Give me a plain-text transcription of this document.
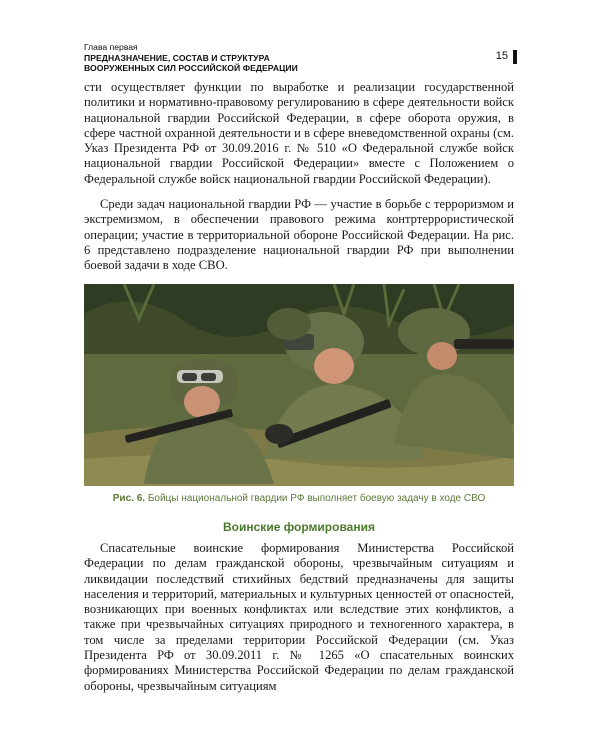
Глава первая
ПРЕДНАЗНАЧЕНИЕ, СОСТАВ И СТРУКТУРА
ВООРУЖЕННЫХ СИЛ РОССИЙСКОЙ ФЕДЕРАЦИИ
15

сти осуществляет функции по выработке и реализации государственной политики и нормативно-правовому регулированию в сфере деятельности войск национальной гвардии Российской Федерации, в сфере оборота оружия, в сфере частной охранной деятельности и в сфере вневедомственной охраны (см. Указ Президента РФ от 30.09.2016 г. № 510 «О Федеральной службе войск национальной гвардии Российской Федерации» вместе с Положением о Федеральной службе войск национальной гвардии Российской Федерации).

Среди задач национальной гвардии РФ — участие в борьбе с терроризмом и экстремизмом, в обеспечении правового режима контртеррористической операции; участие в территориальной обороне Российской Федерации. На рис. 6 представлено подразделение национальной гвардии РФ при выполнении боевой задачи в ходе СВО.

Рис. 6. Бойцы национальной гвардии РФ выполняет боевую задачу в ходе СВО
Воинские формирования

Спасательные воинские формирования Министерства Российской Федерации по делам гражданской обороны, чрезвычайным ситуациям и ликвидации последствий стихийных бедствий предназначены для защиты населения и территорий, материальных и культурных ценностей от опасностей, возникающих при военных конфликтах или вследствие этих конфликтов, а также при чрезвычайных ситуациях природного и техногенного характера, в том числе за пределами территории Российской Федерации (см. Указ Президента РФ от 30.09.2011 г. № 1265 «О спасательных воинских формированиях Министерства Российской Федерации по делам гражданской обороны, чрезвычайным ситуациям
